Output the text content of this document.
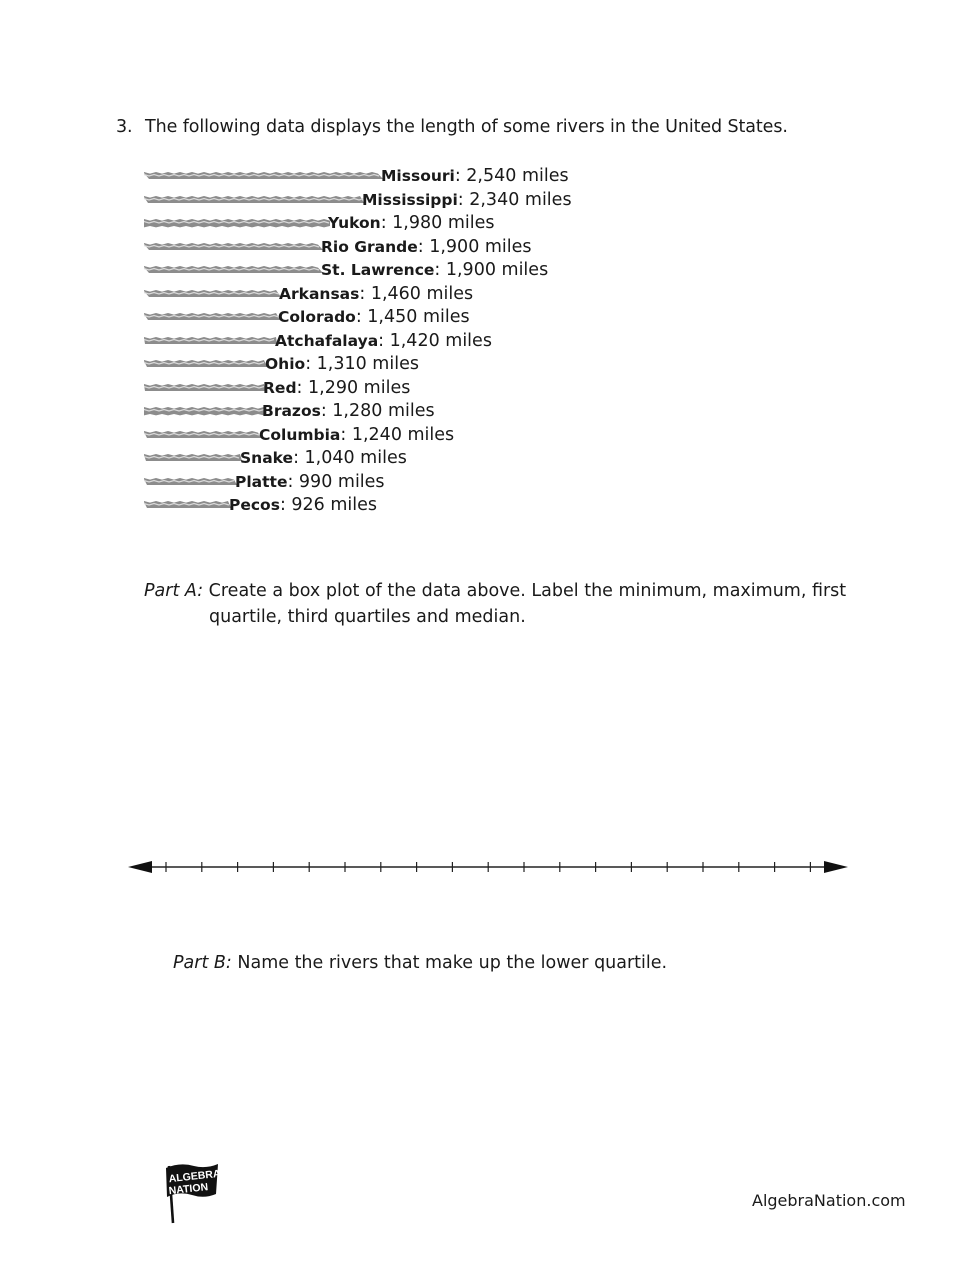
3. The following data displays the length of some rivers in the United States.
Missouri: 2,540 miles
Mississippi: 2,340 miles
Yukon: 1,980 miles
Rio Grande: 1,900 miles
St. Lawrence: 1,900 miles
Arkansas: 1,460 miles
Colorado: 1,450 miles
Atchafalaya: 1,420 miles
Ohio: 1,310 miles
Red: 1,290 miles
Brazos: 1,280 miles
Columbia: 1,240 miles
Snake: 1,040 miles
Platte: 990 miles
Pecos: 926 miles
Part A: Create a box plot of the data above. Label the minimum, maximum, first
quartile, third quartiles and median.
Part B: Name the rivers that make up the lower quartile.
ALGEBRA
NATION
AlgebraNation.com
